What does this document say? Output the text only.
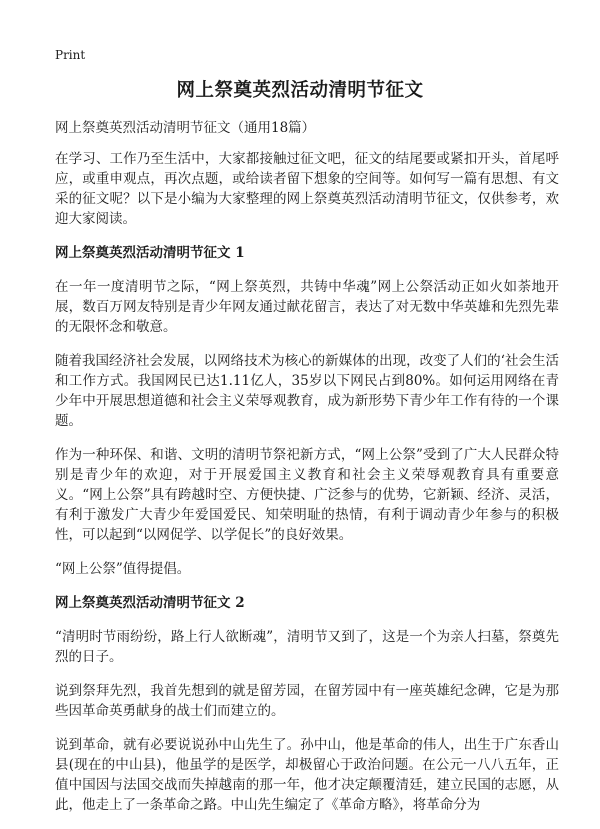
Print
网上祭奠英烈活动清明节征文
网上祭奠英烈活动清明节征文（通用18篇）

在学习、工作乃至生活中，大家都接触过征文吧，征文的结尾要或紧扣开头，首尾呼应，或重申观点，再次点题，或给读者留下想象的空间等。如何写一篇有思想、有文采的征文呢？以下是小编为大家整理的网上祭奠英烈活动清明节征文，仅供参考，欢迎大家阅读。

网上祭奠英烈活动清明节征文 1

在一年一度清明节之际，“网上祭英烈，共铸中华魂”网上公祭活动正如火如荼地开展，数百万网友特别是青少年网友通过献花留言，表达了对无数中华英雄和先烈先辈的无限怀念和敬意。

随着我国经济社会发展，以网络技术为核心的新媒体的出现，改变了人们的‘社会生活和工作方式。我国网民已达1.11亿人，35岁以下网民占到80%。如何运用网络在青少年中开展思想道德和社会主义荣辱观教育，成为新形势下青少年工作有待的一个课题。

作为一种环保、和谐、文明的清明节祭祀新方式，“网上公祭”受到了广大人民群众特别是青少年的欢迎，对于开展爱国主义教育和社会主义荣辱观教育具有重要意义。“网上公祭”具有跨越时空、方便快捷、广泛参与的优势，它新颖、经济、灵活，有利于激发广大青少年爱国爱民、知荣明耻的热情，有利于调动青少年参与的积极性，可以起到“以网促学、以学促长”的良好效果。

“网上公祭”值得提倡。

网上祭奠英烈活动清明节征文 2

“清明时节雨纷纷，路上行人欲断魂”，清明节又到了，这是一个为亲人扫墓，祭奠先烈的日子。

说到祭拜先烈，我首先想到的就是留芳园，在留芳园中有一座英雄纪念碑，它是为那些因革命英勇献身的战士们而建立的。

说到革命，就有必要说说孙中山先生了。孙中山，他是革命的伟人，出生于广东香山县(现在的中山县)，他虽学的是医学，却极留心于政治问题。在公元一八八五年，正值中国因与法国交战而失掉越南的那一年，他才决定颠覆清廷，建立民国的志愿，从此，他走上了一条革命之路。中山先生编定了《革命方略》，将革命分为
